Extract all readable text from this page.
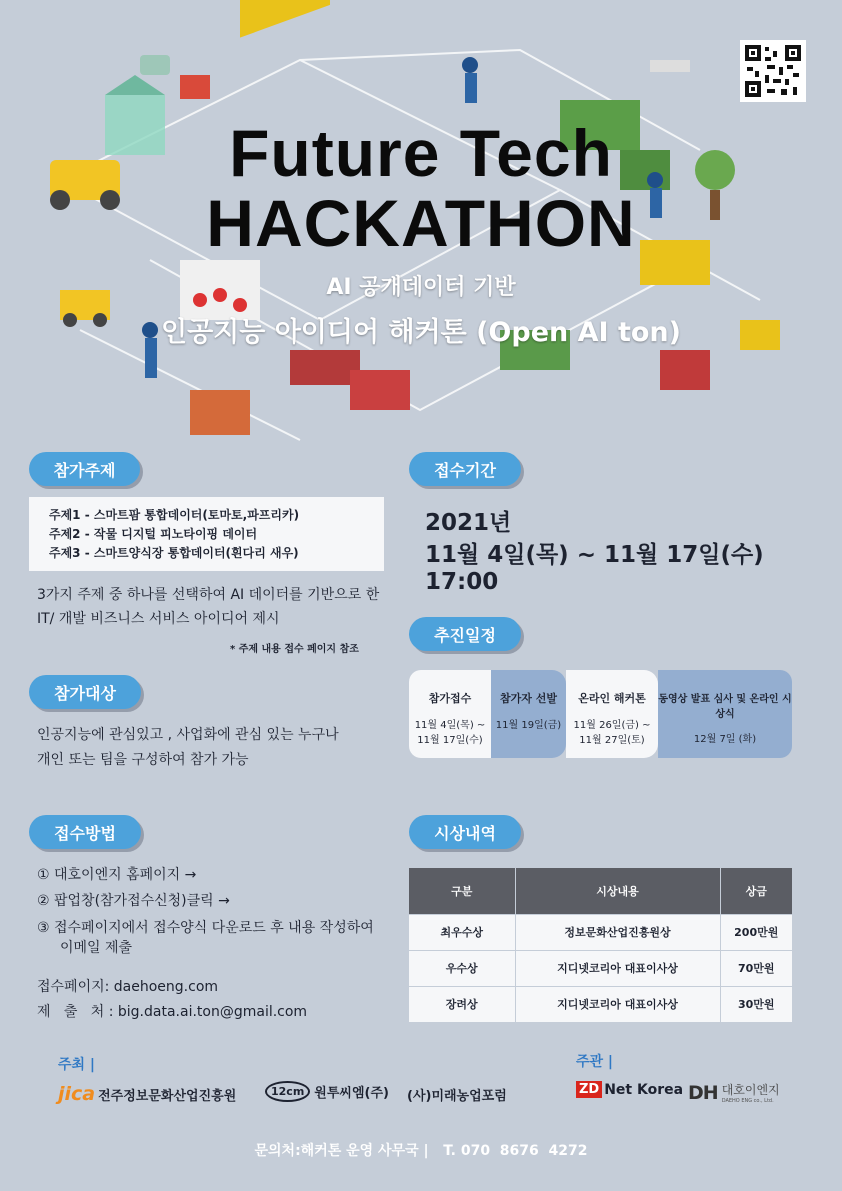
Future Tech
HACKATHON
AI 공개데이터 기반
인공지능 아이디어 해커톤 (Open AI ton)
참가주제
주제1 - 스마트팜 통합데이터(토마토,파프리카)
주제2 - 작물 디지털 피노타이핑 데이터
주제3 - 스마트양식장 통합데이터(흰다리 새우)
3가지 주제 중 하나를 선택하여 AI 데이터를 기반으로 한
IT/ 개발 비즈니스 서비스 아이디어 제시
* 주제 내용 접수 페이지 참조
접수기간
2021년
11월 4일(목) ~ 11월 17일(수) 17:00
추진일정
참가접수
11월 4일(목) ~
11월 17일(수)
참가자 선발
11월 19일(금)
온라인 해커톤
11월 26일(금) ~
11월 27일(토)
동영상 발표 심사 및 온라인 시상식
12월 7일 (화)
참가대상
인공지능에 관심있고 , 사업화에 관심 있는 누구나
개인 또는 팀을 구성하여 참가 가능
접수방법
① 대호이엔지 홈페이지 →
② 팝업창(참가접수신청)클릭 →
③ 접수페이지에서 접수양식 다운로드 후 내용 작성하여
이메일 제출
접수페이지: daehoeng.com
제   출   처 : big.data.ai.ton@gmail.com
시상내역
구분	시상내용	상금
최우수상	정보문화산업진흥원상	200만원
우수상	지디넷코리아 대표이사상	70만원
장려상	지디넷코리아 대표이사상	30만원
주최 |
jica 전주정보문화산업진흥원	12cm 원투씨엠(주) (사)미래농업포럼
주관 |
ZD Net Korea DH 대호이엔지
DAEHO ENG co., Ltd.
문의처:해커톤 운영 사무국 |   T. 070  8676  4272
